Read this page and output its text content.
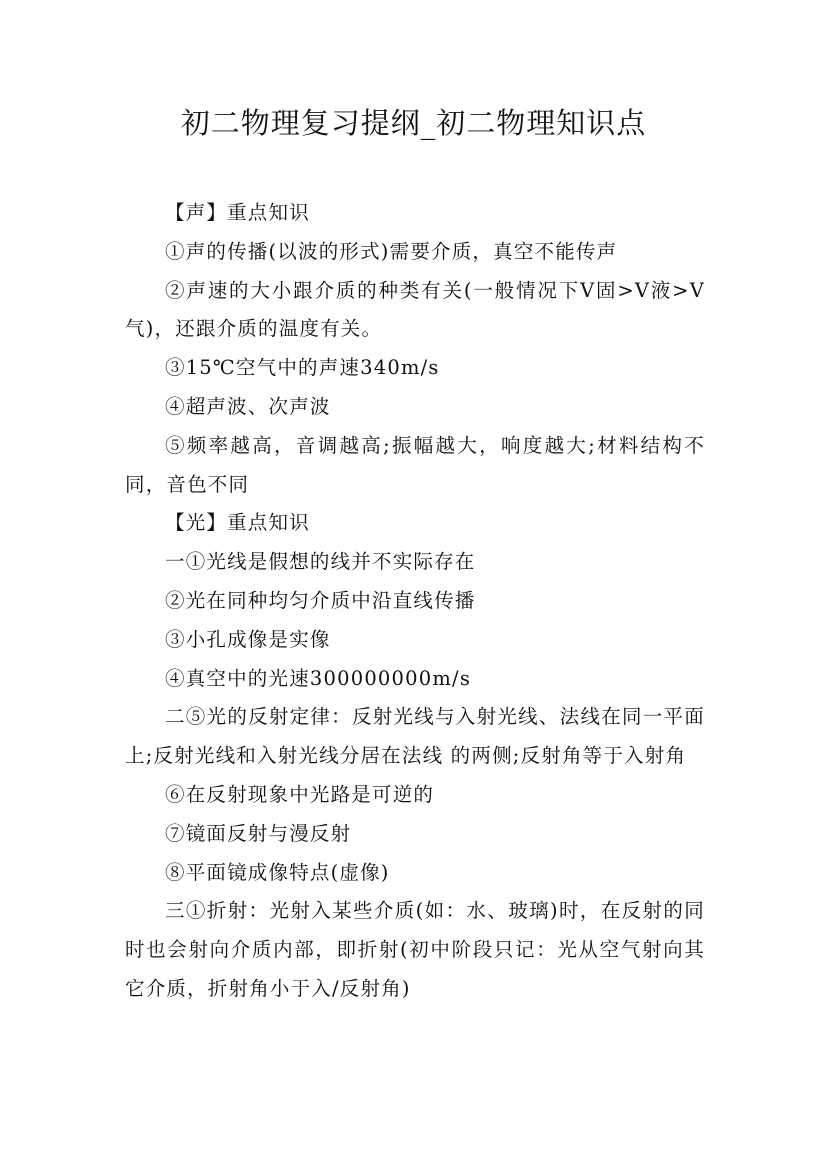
初二物理复习提纲_初二物理知识点

【声】重点知识

①声的传播(以波的形式)需要介质，真空不能传声

②声速的大小跟介质的种类有关(一般情况下V固>V液>V气)，还跟介质的温度有关。

③15℃空气中的声速340m/s

④超声波、次声波

⑤频率越高，音调越高;振幅越大，响度越大;材料结构不同，音色不同

【光】重点知识

一①光线是假想的线并不实际存在

②光在同种均匀介质中沿直线传播

③小孔成像是实像

④真空中的光速300000000m/s

二⑤光的反射定律：反射光线与入射光线、法线在同一平面上;反射光线和入射光线分居在法线 的两侧;反射角等于入射角

⑥在反射现象中光路是可逆的

⑦镜面反射与漫反射

⑧平面镜成像特点(虚像)

三①折射：光射入某些介质(如：水、玻璃)时，在反射的同时也会射向介质内部，即折射(初中阶段只记：光从空气射向其它介质，折射角小于入/反射角)
